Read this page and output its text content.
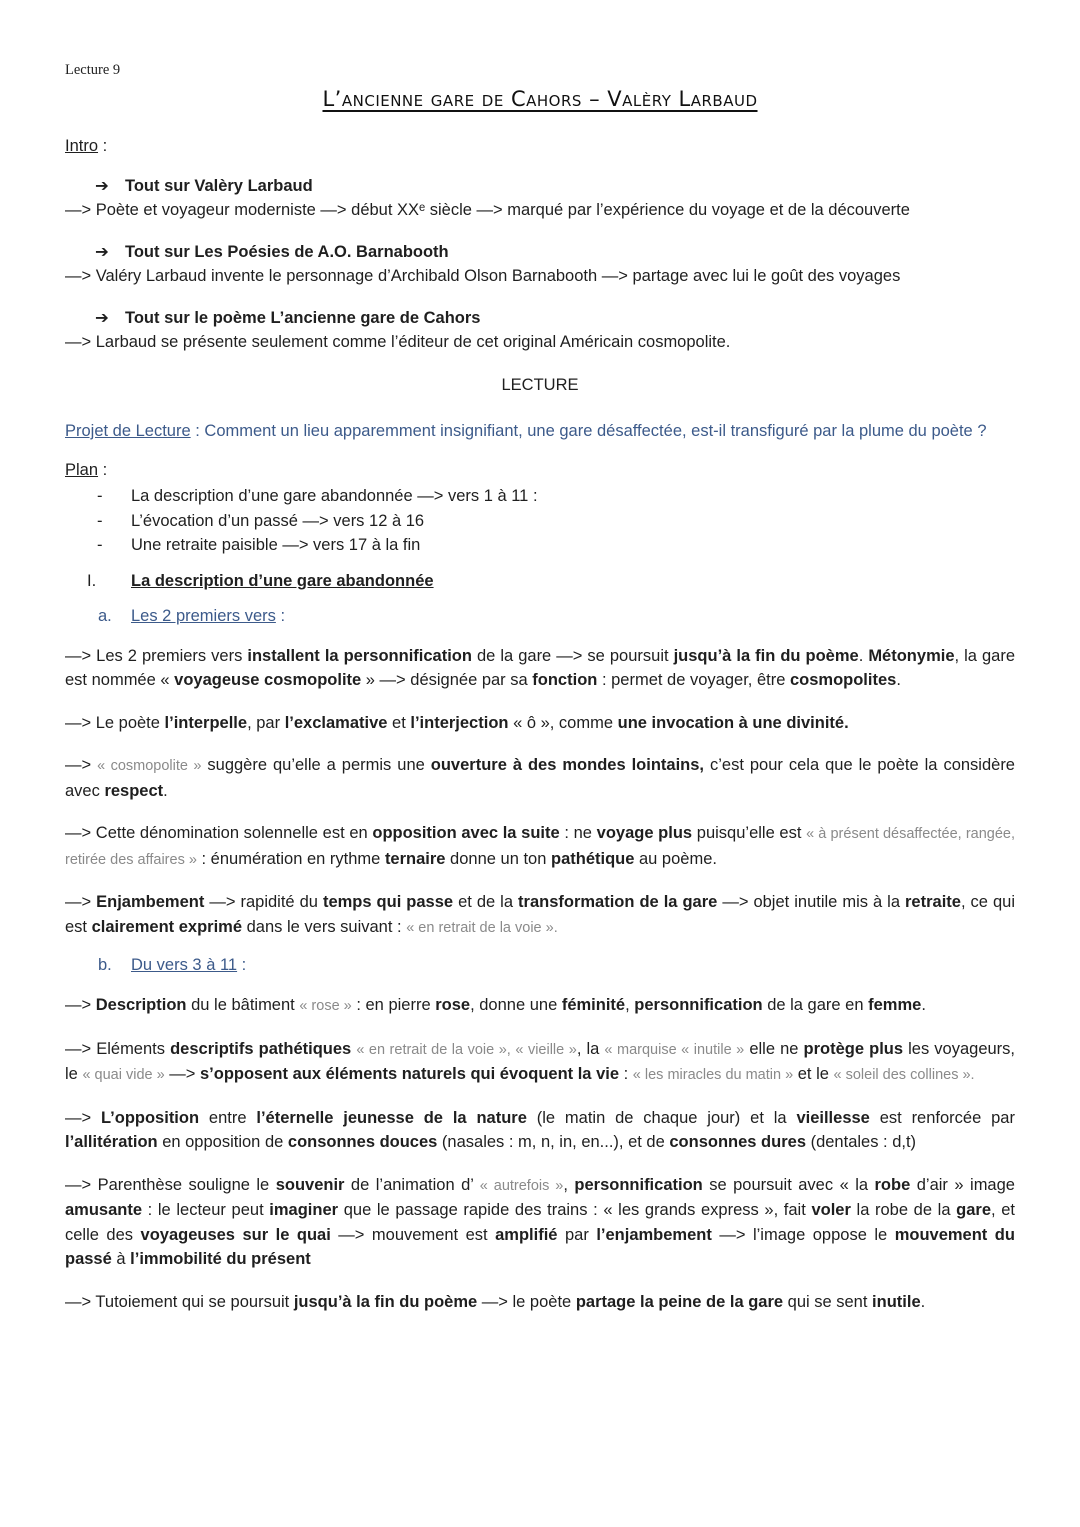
Lecture 9
L’ancienne gare de Cahors – Valèry Larbaud
Intro :
➔ Tout sur Valèry Larbaud
—> Poète et voyageur moderniste —> début XXᵉ siècle —> marqué par l’expérience du voyage et de la découverte
➔ Tout sur Les Poésies de A.O. Barnabooth
—> Valéry Larbaud invente le personnage d’Archibald Olson Barnabooth —> partage avec lui le goût des voyages
➔ Tout sur le poème L’ancienne gare de Cahors
—> Larbaud se présente seulement comme l’éditeur de cet original Américain cosmopolite.
LECTURE
Projet de Lecture : Comment un lieu apparemment insignifiant, une gare désaffectée, est-il transfiguré par la plume du poète ?
Plan :
-	La description d’une gare abandonnée —> vers 1 à 11 :
-	L’évocation d’un passé —> vers 12 à 16
-	Une retraite paisible —> vers 17 à la fin
I.	La description d’une gare abandonnée
a.	Les 2 premiers vers :
—> Les 2 premiers vers installent la personnification de la gare —> se poursuit jusqu’à la fin du poème. Métonymie, la gare est nommée « voyageuse cosmopolite » —> désignée par sa fonction : permet de voyager, être cosmopolites.
—> Le poète l’interpelle, par l’exclamative et l’interjection « ô », comme une invocation à une divinité.
—> « cosmopolite » suggère qu’elle a permis une ouverture à des mondes lointains, c’est pour cela que le poète la considère avec respect.
—> Cette dénomination solennelle est en opposition avec la suite : ne voyage plus puisqu’elle est « à présent désaffectée, rangée, retirée des affaires » : énumération en rythme ternaire donne un ton pathétique au poème.
—> Enjambement —> rapidité du temps qui passe et de la transformation de la gare —> objet inutile mis à la retraite, ce qui est clairement exprimé dans le vers suivant : « en retrait de la voie ».
b.	Du vers 3 à 11 :
—> Description du le bâtiment « rose » : en pierre rose, donne une féminité, personnification de la gare en femme.
—> Eléments descriptifs pathétiques « en retrait de la voie », « vieille », la « marquise « inutile » elle ne protège plus les voyageurs, le « quai vide » —> s’opposent aux éléments naturels qui évoquent la vie : « les miracles du matin » et le « soleil des collines ».
—> L’opposition entre l’éternelle jeunesse de la nature (le matin de chaque jour) et la vieillesse est renforcée par l’allitération en opposition de consonnes douces (nasales : m, n, in, en...), et de consonnes dures (dentales : d,t)
—> Parenthèse souligne le souvenir de l’animation d’ « autrefois », personnification se poursuit avec « la robe d’air » image amusante : le lecteur peut imaginer que le passage rapide des trains : « les grands express », fait voler la robe de la gare, et celle des voyageuses sur le quai —> mouvement est amplifié par l’enjambement —> l’image oppose le mouvement du passé à l’immobilité du présent
—> Tutoiement qui se poursuit jusqu’à la fin du poème —> le poète partage la peine de la gare qui se sent inutile.
